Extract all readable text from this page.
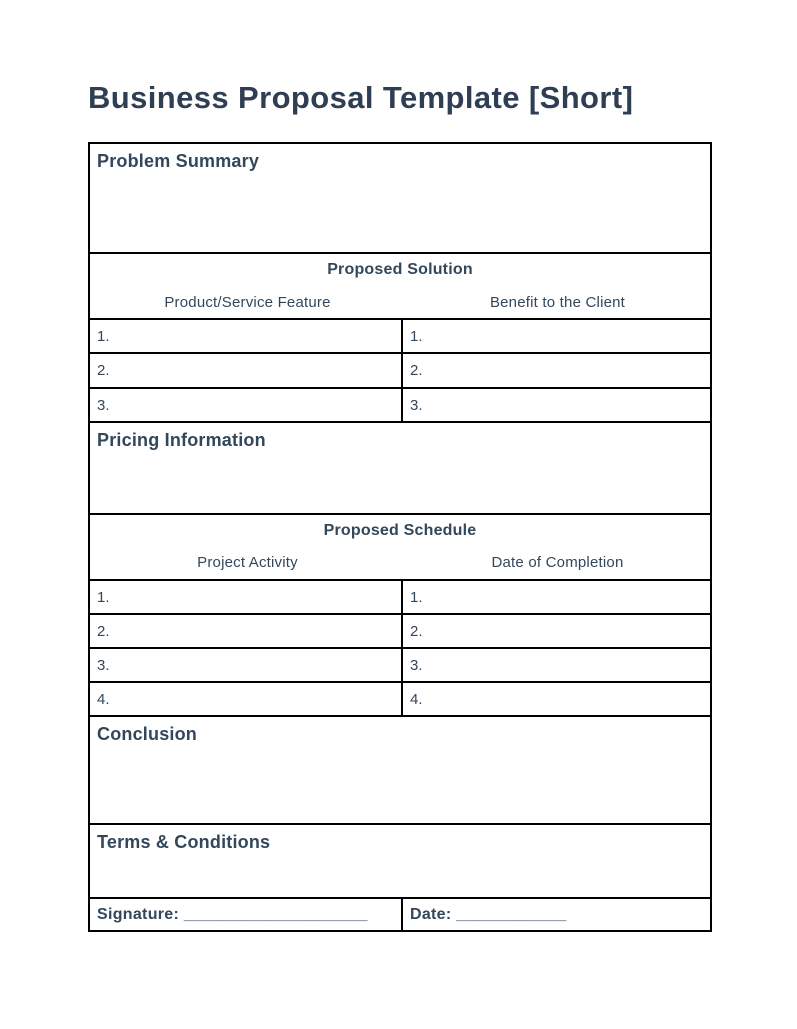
Business Proposal Template [Short]
Problem Summary
Proposed Solution
Product/Service Feature	Benefit to the Client
1.	1.
2.	2.
3.	3.
Pricing Information
Proposed Schedule
Project Activity	Date of Completion
1.	1.
2.	2.
3.	3.
4.	4.
Conclusion
Terms & Conditions
Signature: ____________________	Date: ____________
